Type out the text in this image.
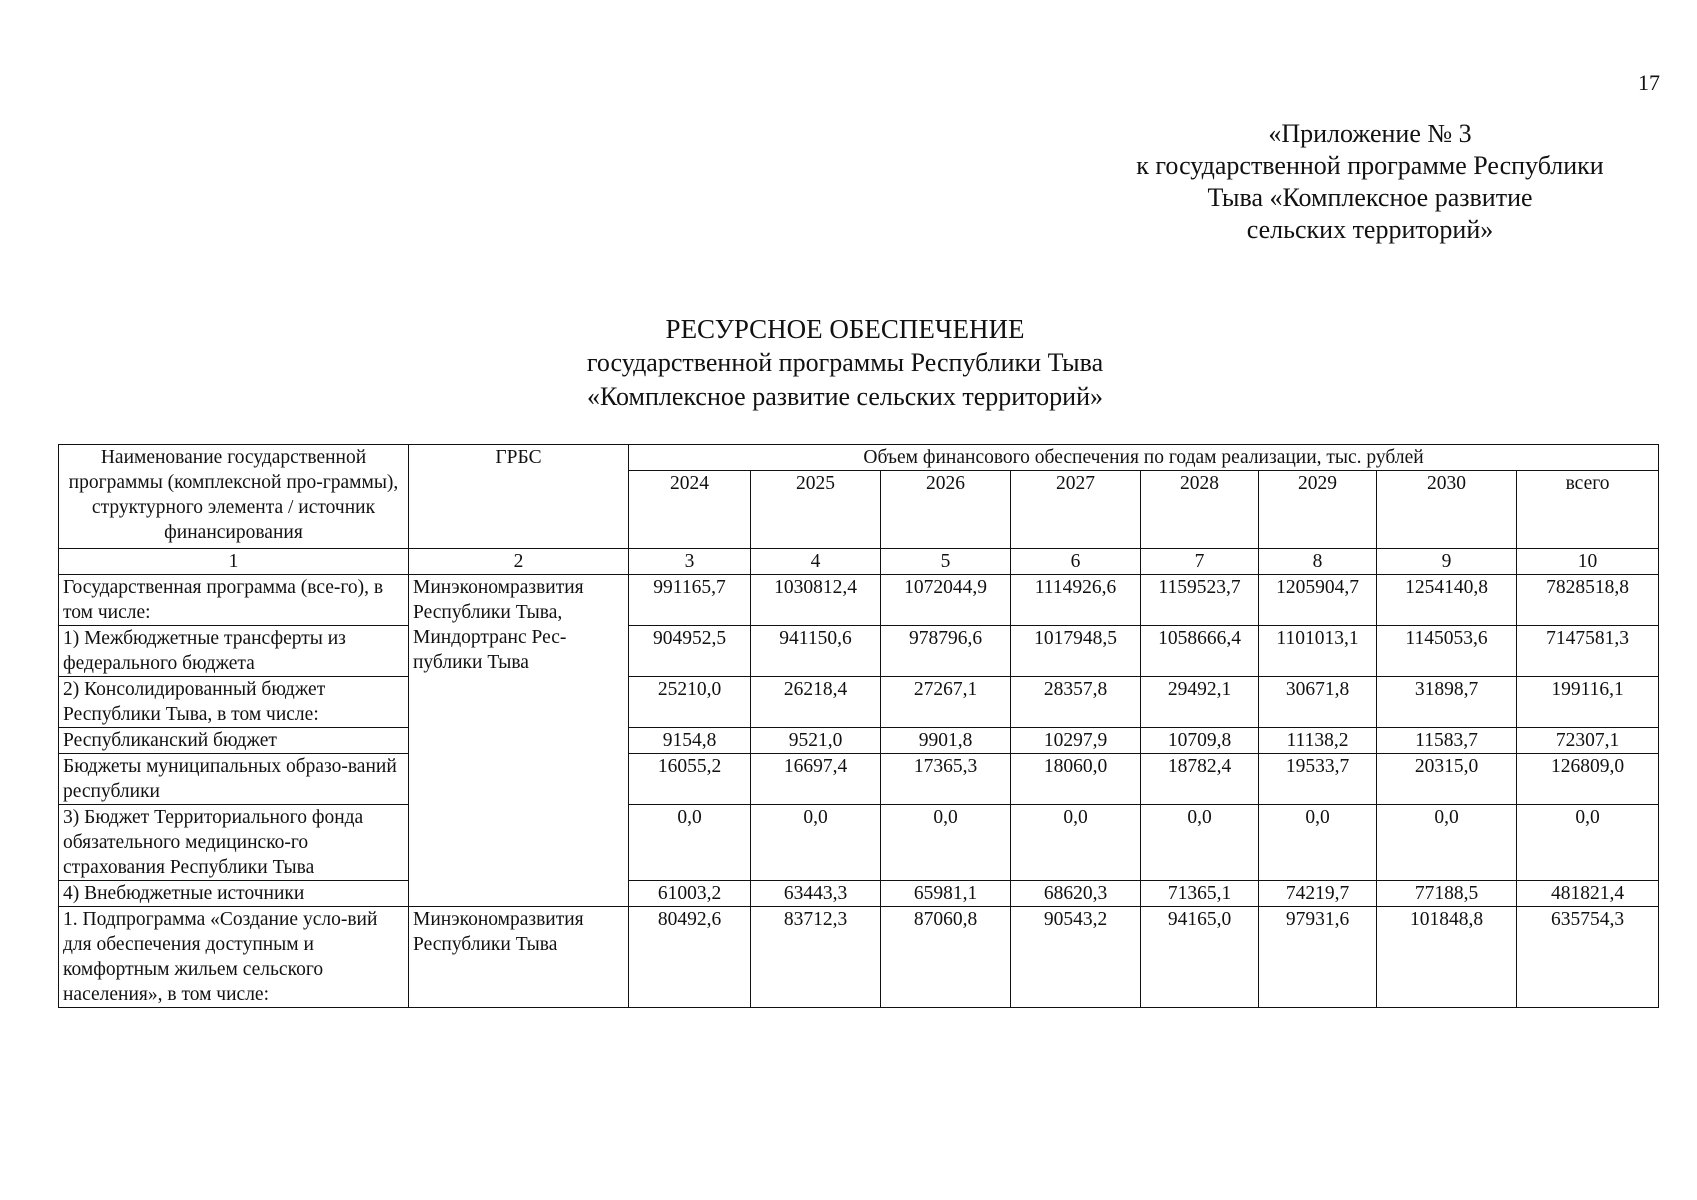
17
«Приложение № 3
к государственной программе Республики
Тыва «Комплексное развитие
сельских территорий»
РЕСУРСНОЕ ОБЕСПЕЧЕНИЕ
государственной программы Республики Тыва
«Комплексное развитие сельских территорий»
Наименование государственной программы (комплексной про-граммы), структурного элемента / источник финансирования	ГРБС	Объем финансового обеспечения по годам реализации, тыс. рублей							
		2024	2025	2026	2027	2028	2029	2030	всего
1	2	3	4	5	6	7	8	9	10
Государственная программа (все-го), в том числе:	Минэкономразвития Республики Тыва, Миндортранс Рес-публики Тыва	991165,7	1030812,4	1072044,9	1114926,6	1159523,7	1205904,7	1254140,8	7828518,8
1) Межбюджетные трансферты из федерального бюджета		904952,5	941150,6	978796,6	1017948,5	1058666,4	1101013,1	1145053,6	7147581,3
2) Консолидированный бюджет Республики Тыва, в том числе:		25210,0	26218,4	27267,1	28357,8	29492,1	30671,8	31898,7	199116,1
Республиканский бюджет		9154,8	9521,0	9901,8	10297,9	10709,8	11138,2	11583,7	72307,1
Бюджеты муниципальных образо-ваний республики		16055,2	16697,4	17365,3	18060,0	18782,4	19533,7	20315,0	126809,0
3) Бюджет Территориального фонда обязательного медицинско-го страхования Республики Тыва		0,0	0,0	0,0	0,0	0,0	0,0	0,0	0,0
4) Внебюджетные источники		61003,2	63443,3	65981,1	68620,3	71365,1	74219,7	77188,5	481821,4
1. Подпрограмма «Создание усло-вий для обеспечения доступным и комфортным жильем сельского населения», в том числе:	Минэкономразвития Республики Тыва	80492,6	83712,3	87060,8	90543,2	94165,0	97931,6	101848,8	635754,3
